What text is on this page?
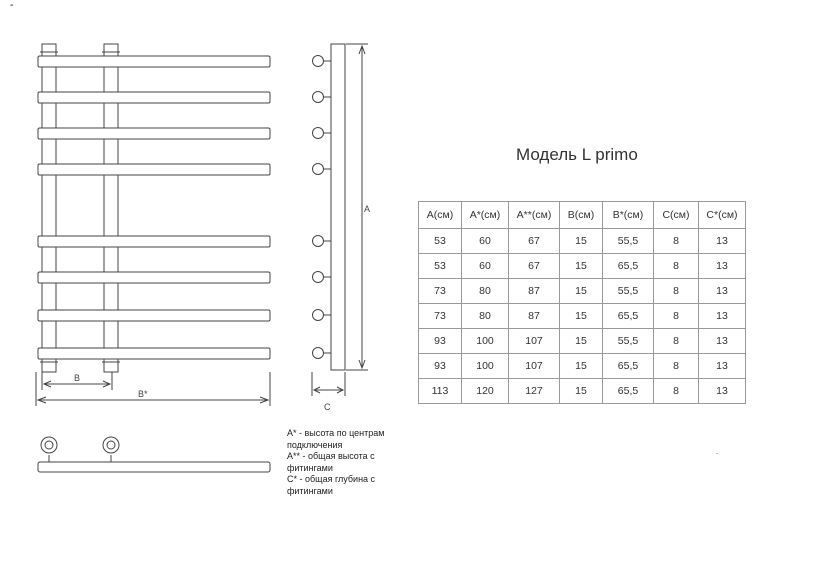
-
A
B
B*
C
.
Модель L primo
A(см)	A*(см)	A**(см)	B(см)	B*(см)	C(см)	C*(см)
53	60	67	15	55,5	8	13
53	60	67	15	65,5	8	13
73	80	87	15	55,5	8	13
73	80	87	15	65,5	8	13
93	100	107	15	55,5	8	13
93	100	107	15	65,5	8	13
113	120	127	15	65,5	8	13
A* - высота по центрам подключения
A** - общая высота с фитингами
C* - общая глубина с фитингами
